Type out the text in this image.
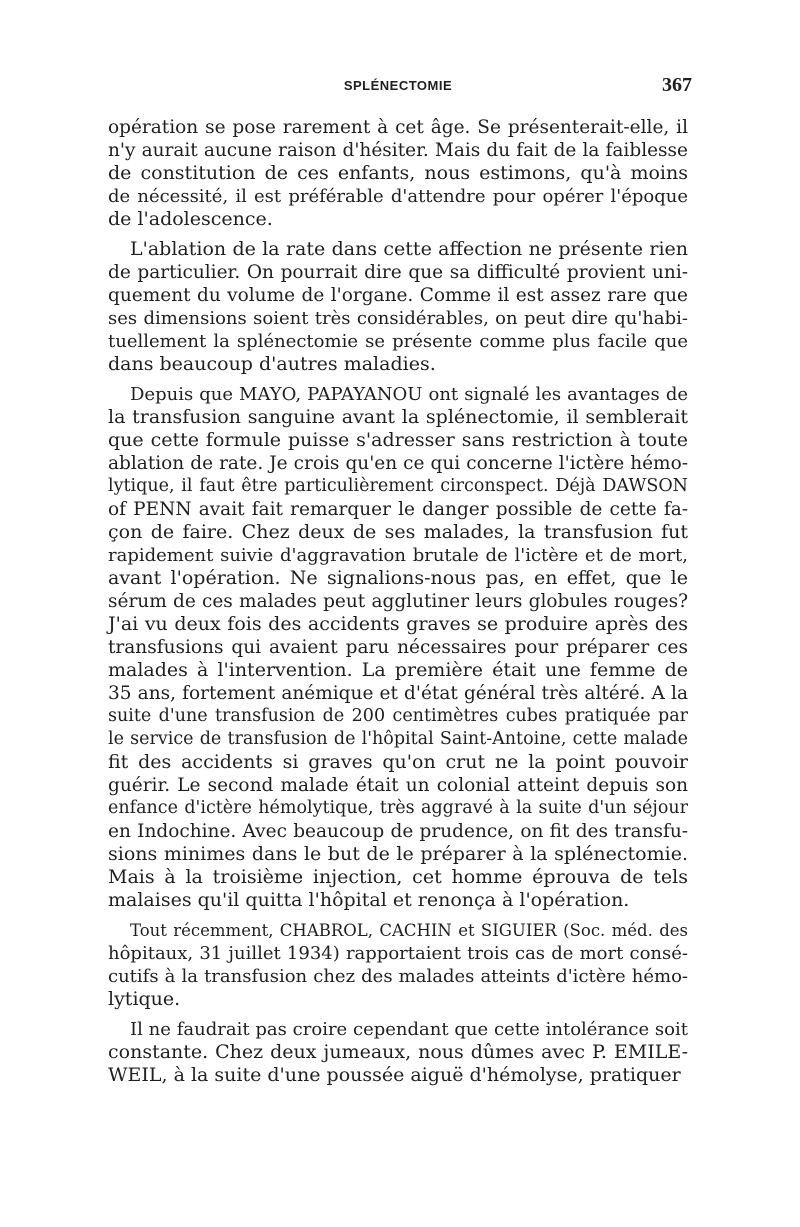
SPLÉNECTOMIE	367
opération se pose rarement à cet âge. Se présenterait-elle, il
n'y aurait aucune raison d'hésiter. Mais du fait de la faiblesse
de constitution de ces enfants, nous estimons, qu'à moins
de nécessité, il est préférable d'attendre pour opérer l'époque
de l'adolescence.
L'ablation de la rate dans cette affection ne présente rien
de particulier. On pourrait dire que sa difficulté provient uni-
quement du volume de l'organe. Comme il est assez rare que
ses dimensions soient très considérables, on peut dire qu'habi-
tuellement la splénectomie se présente comme plus facile que
dans beaucoup d'autres maladies.
Depuis que MAYO, PAPAYANOU ont signalé les avantages de
la transfusion sanguine avant la splénectomie, il semblerait
que cette formule puisse s'adresser sans restriction à toute
ablation de rate. Je crois qu'en ce qui concerne l'ictère hémo-
lytique, il faut être particulièrement circonspect. Déjà DAWSON
of PENN avait fait remarquer le danger possible de cette fa-
çon de faire. Chez deux de ses malades, la transfusion fut
rapidement suivie d'aggravation brutale de l'ictère et de mort,
avant l'opération. Ne signalions-nous pas, en effet, que le
sérum de ces malades peut agglutiner leurs globules rouges?
J'ai vu deux fois des accidents graves se produire après des
transfusions qui avaient paru nécessaires pour préparer ces
malades à l'intervention. La première était une femme de
35 ans, fortement anémique et d'état général très altéré. A la
suite d'une transfusion de 200 centimètres cubes pratiquée par
le service de transfusion de l'hôpital Saint-Antoine, cette malade
fit des accidents si graves qu'on crut ne la point pouvoir
guérir. Le second malade était un colonial atteint depuis son
enfance d'ictère hémolytique, très aggravé à la suite d'un séjour
en Indochine. Avec beaucoup de prudence, on fit des transfu-
sions minimes dans le but de le préparer à la splénectomie.
Mais à la troisième injection, cet homme éprouva de tels
malaises qu'il quitta l'hôpital et renonça à l'opération.
Tout récemment, CHABROL, CACHIN et SIGUIER (Soc. méd. des
hôpitaux, 31 juillet 1934) rapportaient trois cas de mort consé-
cutifs à la transfusion chez des malades atteints d'ictère hémo-
lytique.
Il ne faudrait pas croire cependant que cette intolérance soit
constante. Chez deux jumeaux, nous dûmes avec P. EMILE-
WEIL, à la suite d'une poussée aiguë d'hémolyse, pratiquer
